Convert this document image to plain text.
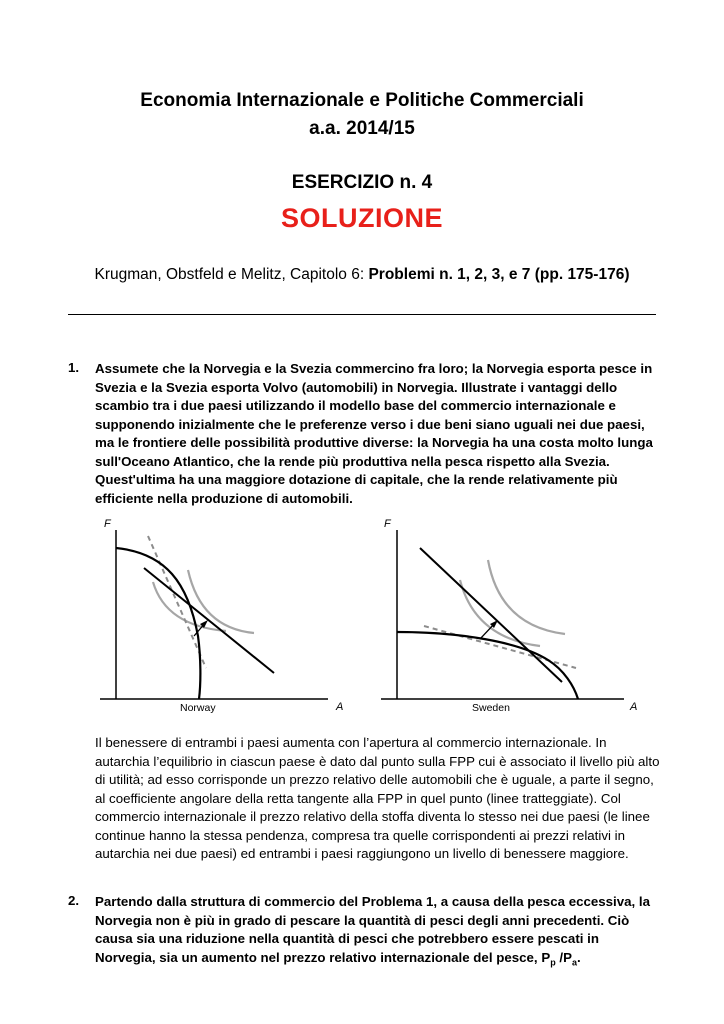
Economia Internazionale e Politiche Commerciali
a.a. 2014/15
ESERCIZIO n. 4
SOLUZIONE
Krugman, Obstfeld e Melitz, Capitolo 6: Problemi n. 1, 2, 3, e 7 (pp. 175-176)
1. Assumete che la Norvegia e la Svezia commercino fra loro; la Norvegia esporta pesce in Svezia e la Svezia esporta Volvo (automobili) in Norvegia. Illustrate i vantaggi dello scambio tra i due paesi utilizzando il modello base del commercio internazionale e supponendo inizialmente che le preferenze verso i due beni siano uguali nei due paesi, ma le frontiere delle possibilità produttive diverse: la Norvegia ha una costa molto lunga sull'Oceano Atlantico, che la rende più produttiva nella pesca rispetto alla Svezia. Quest'ultima ha una maggiore dotazione di capitale, che la rende relativamente più efficiente nella produzione di automobili.
F
A
Norway
F
A
Sweden
Il benessere di entrambi i paesi aumenta con l’apertura al commercio internazionale. In autarchia l’equilibrio in ciascun paese è dato dal punto sulla FPP cui è associato il livello più alto di utilità; ad esso corrisponde un prezzo relativo delle automobili che è uguale, a parte il segno, al coefficiente angolare della retta tangente alla FPP in quel punto (linee tratteggiate). Col commercio internazionale il prezzo relativo della stoffa diventa lo stesso nei due paesi (le linee continue hanno la stessa pendenza, compresa tra quelle corrispondenti ai prezzi relativi in autarchia nei due paesi) ed entrambi i paesi raggiungono un livello di benessere maggiore.
2. Partendo dalla struttura di commercio del Problema 1, a causa della pesca eccessiva, la Norvegia non è più in grado di pescare la quantità di pesci degli anni precedenti. Ciò causa sia una riduzione nella quantità di pesci che potrebbero essere pescati in Norvegia, sia un aumento nel prezzo relativo internazionale del pesce, $P_p$ $/P_a$.
